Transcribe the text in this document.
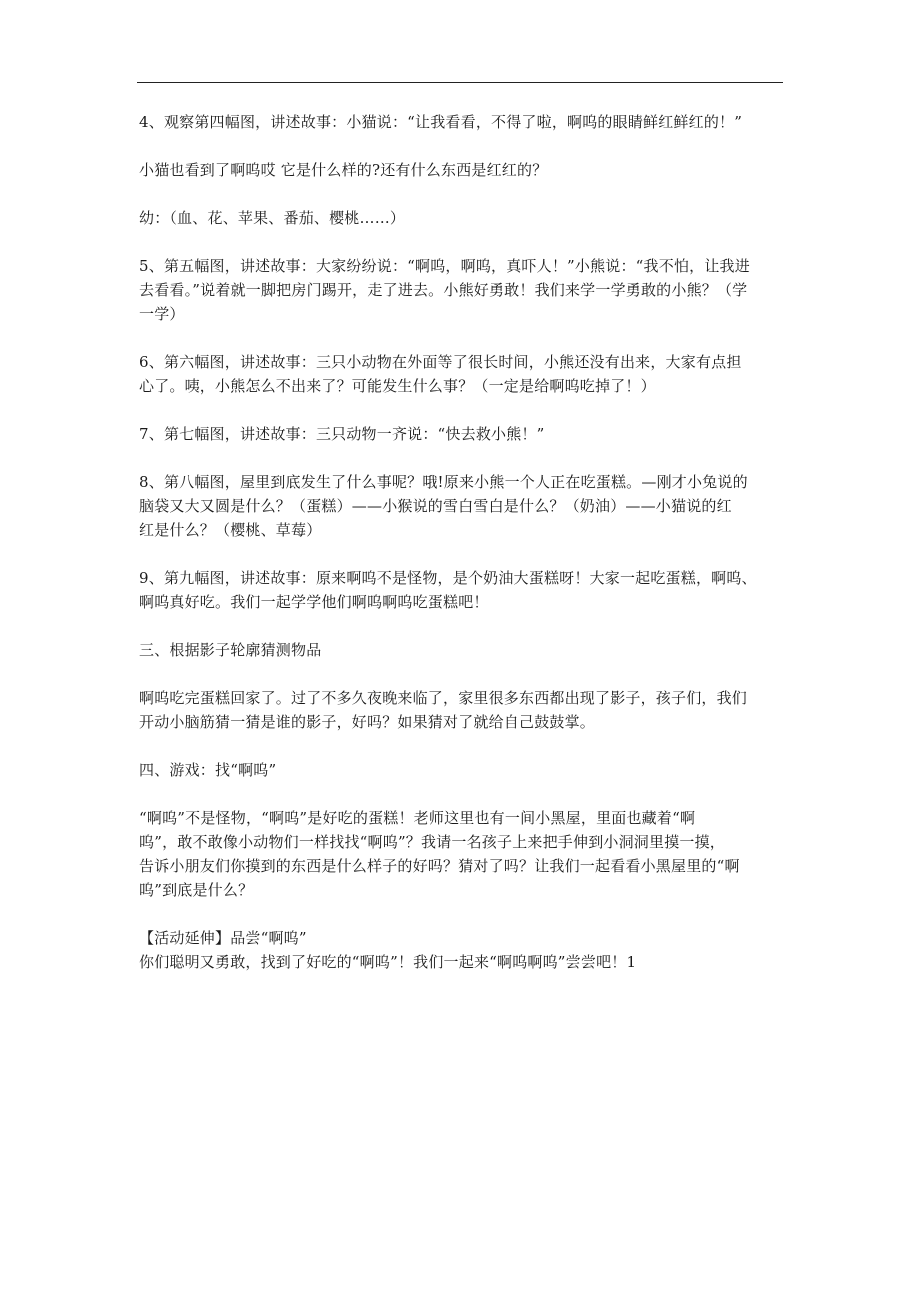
4、观察第四幅图，讲述故事：小猫说：“让我看看，不得了啦，啊呜的眼睛鲜红鲜红的！”
小猫也看到了啊呜哎 它是什么样的?还有什么东西是红红的？
幼：（血、花、苹果、番茄、樱桃……）
5、第五幅图，讲述故事：大家纷纷说：“啊呜，啊呜，真吓人！”小熊说：“我不怕，让我进
去看看。”说着就一脚把房门踢开，走了进去。小熊好勇敢！我们来学一学勇敢的小熊？（学
一学）
6、第六幅图，讲述故事：三只小动物在外面等了很长时间，小熊还没有出来，大家有点担
心了。咦，小熊怎么不出来了？可能发生什么事？（一定是给啊呜吃掉了！）
7、第七幅图，讲述故事：三只动物一齐说：“快去救小熊！”
8、第八幅图，屋里到底发生了什么事呢？哦!原来小熊一个人正在吃蛋糕。—刚才小兔说的
脑袋又大又圆是什么？（蛋糕）——小猴说的雪白雪白是什么？（奶油）——小猫说的红
红是什么？（樱桃、草莓）
9、第九幅图，讲述故事：原来啊呜不是怪物，是个奶油大蛋糕呀！大家一起吃蛋糕，啊呜、
啊呜真好吃。我们一起学学他们啊呜啊呜吃蛋糕吧！
三、根据影子轮廓猜测物品
啊呜吃完蛋糕回家了。过了不多久夜晚来临了，家里很多东西都出现了影子，孩子们，我们
开动小脑筋猜一猜是谁的影子，好吗？如果猜对了就给自己鼓鼓掌。
四、游戏：找“啊呜”
“啊呜”不是怪物，“啊呜”是好吃的蛋糕！老师这里也有一间小黑屋，里面也藏着“啊
呜”，敢不敢像小动物们一样找找“啊呜”？我请一名孩子上来把手伸到小洞洞里摸一摸，
告诉小朋友们你摸到的东西是什么样子的好吗？猜对了吗？让我们一起看看小黑屋里的“啊
呜”到底是什么？
【活动延伸】品尝“啊呜”
你们聪明又勇敢，找到了好吃的“啊呜”！我们一起来“啊呜啊呜”尝尝吧！1
